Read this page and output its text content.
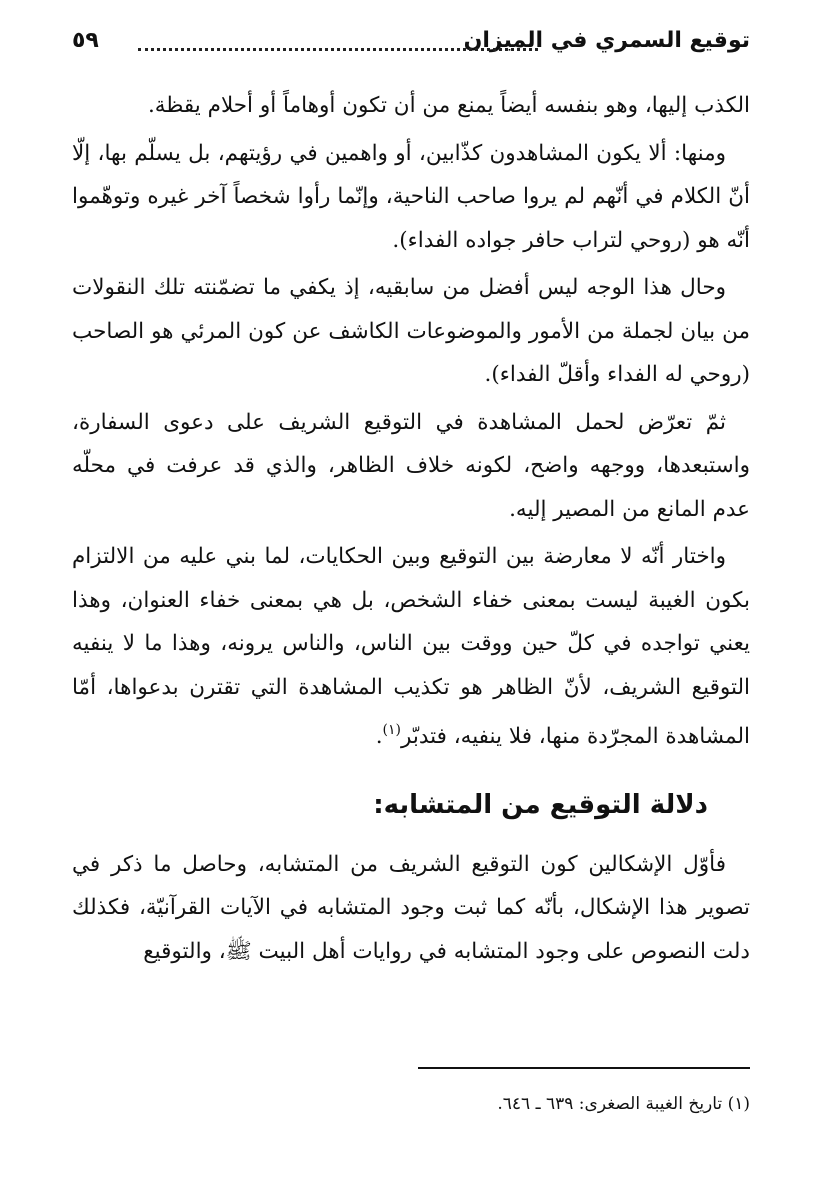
توقيع السمري في الميزان
٥٩

الكذب إليها، وهو بنفسه أيضاً يمنع من أن تكون أوهاماً أو أحلام يقظة.

ومنها: ألا يكون المشاهدون كذّابين، أو واهمين في رؤيتهم، بل يسلّم بها، إلّا أنّ الكلام في أنّهم لم يروا صاحب الناحية، وإنّما رأوا شخصاً آخر غيره وتوهّموا أنّه هو (روحي لتراب حافر جواده الفداء).

وحال هذا الوجه ليس أفضل من سابقيه، إذ يكفي ما تضمّنته تلك النقولات من بيان لجملة من الأمور والموضوعات الكاشف عن كون المرئي هو الصاحب (روحي له الفداء وأقلّ الفداء).

ثمّ تعرّض لحمل المشاهدة في التوقيع الشريف على دعوى السفارة، واستبعدها، ووجهه واضح، لكونه خلاف الظاهر، والذي قد عرفت في محلّه عدم المانع من المصير إليه.

واختار أنّه لا معارضة بين التوقيع وبين الحكايات، لما بني عليه من الالتزام بكون الغيبة ليست بمعنى خفاء الشخص، بل هي بمعنى خفاء العنوان، وهذا يعني تواجده في كلّ حين ووقت بين الناس، والناس يرونه، وهذا ما لا ينفيه التوقيع الشريف، لأنّ الظاهر هو تكذيب المشاهدة التي تقترن بدعواها، أمّا المشاهدة المجرّدة منها، فلا ينفيه، فتدبّر$^{(١)}$.

دلالة التوقيع من المتشابه:

فأوّل الإشكالين كون التوقيع الشريف من المتشابه، وحاصل ما ذكر في تصوير هذا الإشكال، بأنّه كما ثبت وجود المتشابه في الآيات القرآنيّة، فكذلك دلت النصوص على وجود المتشابه في روايات أهل البيت ﷺ، والتوقيع

(١) تاريخ الغيبة الصغرى: ٦٣٩ ـ ٦٤٦.
